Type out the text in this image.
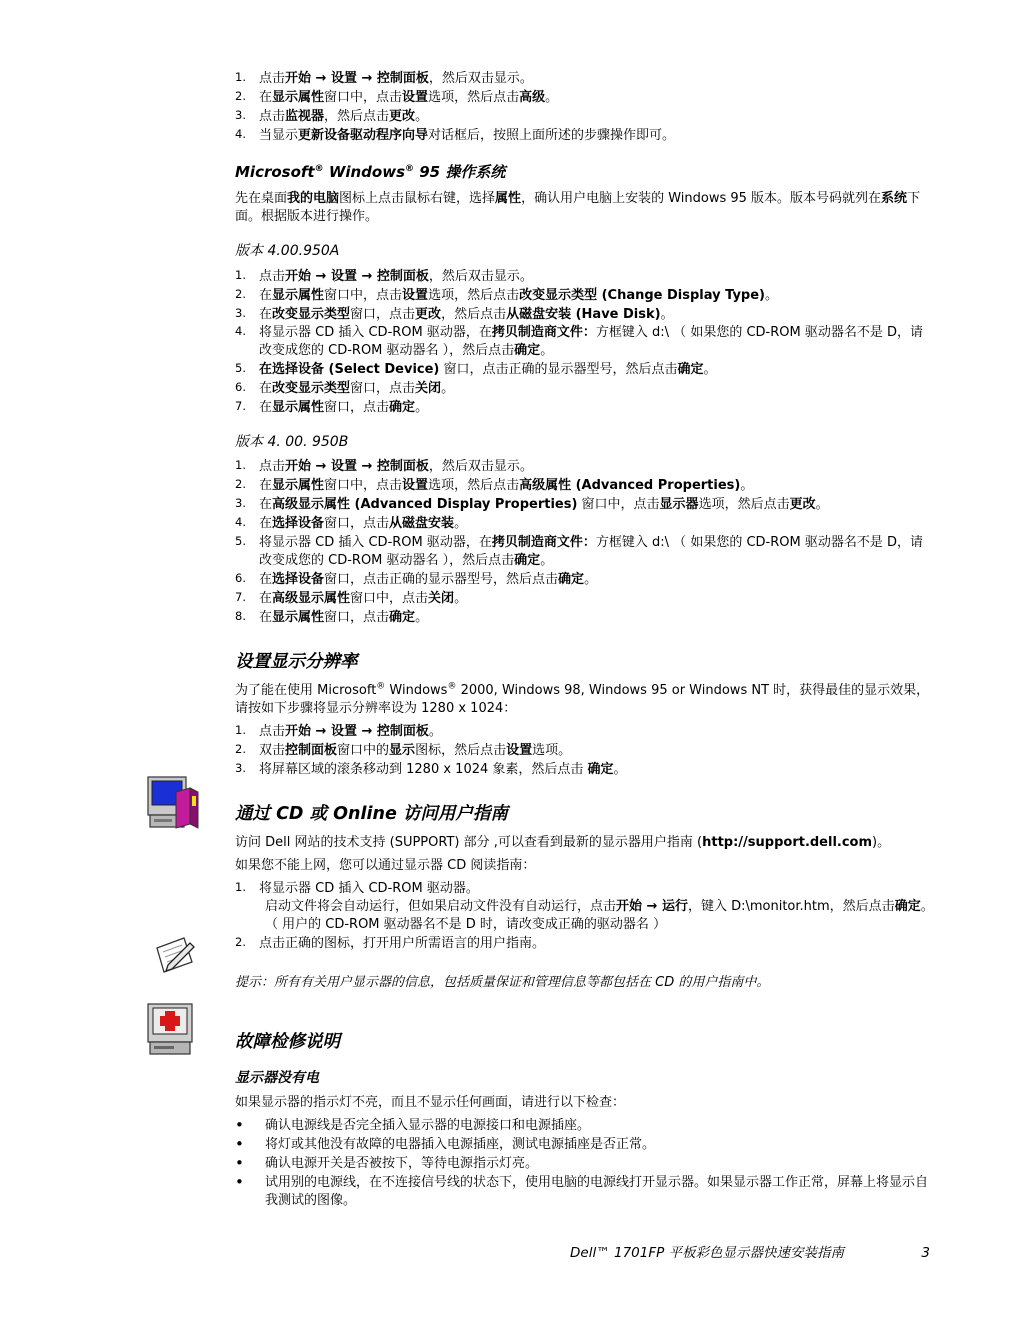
1. 点击开始 → 设置 → 控制面板，然后双击显示。
2. 在显示属性窗口中，点击设置选项，然后点击高级。
3. 点击监视器，然后点击更改。
4. 当显示更新设备驱动程序向导对话框后，按照上面所述的步骤操作即可。
Microsoft® Windows® 95 操作系统
先在桌面我的电脑图标上点击鼠标右键，选择属性，确认用户电脑上安装的 Windows 95 版本。版本号码就列在系统下面。根据版本进行操作。
版本 4.00.950A
1. 点击开始 → 设置 → 控制面板，然后双击显示。
2. 在显示属性窗口中，点击设置选项，然后点击改变显示类型 (Change Display Type)。
3. 在改变显示类型窗口，点击更改，然后点击从磁盘安装 (Have Disk)。
4. 将显示器 CD 插入 CD-ROM 驱动器，在拷贝制造商文件：方框键入 d:\ （ 如果您的 CD-ROM 驱动器名不是 D，请改变成您的 CD-ROM 驱动器名 ），然后点击确定。
5. 在选择设备 (Select Device) 窗口，点击正确的显示器型号，然后点击确定。
6. 在改变显示类型窗口，点击关闭。
7. 在显示属性窗口，点击确定。
版本 4. 00. 950B
1. 点击开始 → 设置 → 控制面板，然后双击显示。
2. 在显示属性窗口中，点击设置选项，然后点击高级属性 (Advanced Properties)。
3. 在高级显示属性 (Advanced Display Properties) 窗口中，点击显示器选项，然后点击更改。
4. 在选择设备窗口，点击从磁盘安装。
5. 将显示器 CD 插入 CD-ROM 驱动器，在拷贝制造商文件：方框键入 d:\ （ 如果您的 CD-ROM 驱动器名不是 D，请改变成您的 CD-ROM 驱动器名 ），然后点击确定。
6. 在选择设备窗口，点击正确的显示器型号，然后点击确定。
7. 在高级显示属性窗口中，点击关闭。
8. 在显示属性窗口，点击确定。
设置显示分辨率
为了能在使用 Microsoft® Windows® 2000, Windows 98, Windows 95 or Windows NT 时，获得最佳的显示效果，请按如下步骤将显示分辨率设为 1280 x 1024：
1. 点击开始 → 设置 → 控制面板。
2. 双击控制面板窗口中的显示图标，然后点击设置选项。
3. 将屏幕区域的滚条移动到 1280 x 1024 象素，然后点击 确定。
通过 CD 或 Online 访问用户指南
访问 Dell 网站的技术支持 (SUPPORT) 部分 ,可以查看到最新的显示器用户指南 (http://support.dell.com)。
如果您不能上网，您可以通过显示器 CD 阅读指南：
1. 将显示器 CD 插入 CD-ROM 驱动器。
启动文件将会自动运行，但如果启动文件没有自动运行，点击开始 → 运行，键入 D:\monitor.htm，然后点击确定。（ 用户的 CD-ROM 驱动器名不是 D 时，请改变成正确的驱动器名 ）
2. 点击正确的图标，打开用户所需语言的用户指南。
提示：所有有关用户显示器的信息，包括质量保证和管理信息等都包括在 CD 的用户指南中。
故障检修说明
显示器没有电
如果显示器的指示灯不亮，而且不显示任何画面，请进行以下检查：
• 确认电源线是否完全插入显示器的电源接口和电源插座。
• 将灯或其他没有故障的电器插入电源插座，测试电源插座是否正常。
• 确认电源开关是否被按下，等待电源指示灯亮。
• 试用别的电源线，在不连接信号线的状态下，使用电脑的电源线打开显示器。如果显示器工作正常，屏幕上将显示自我测试的图像。
Dell™ 1701FP 平板彩色显示器快速安装指南	3
